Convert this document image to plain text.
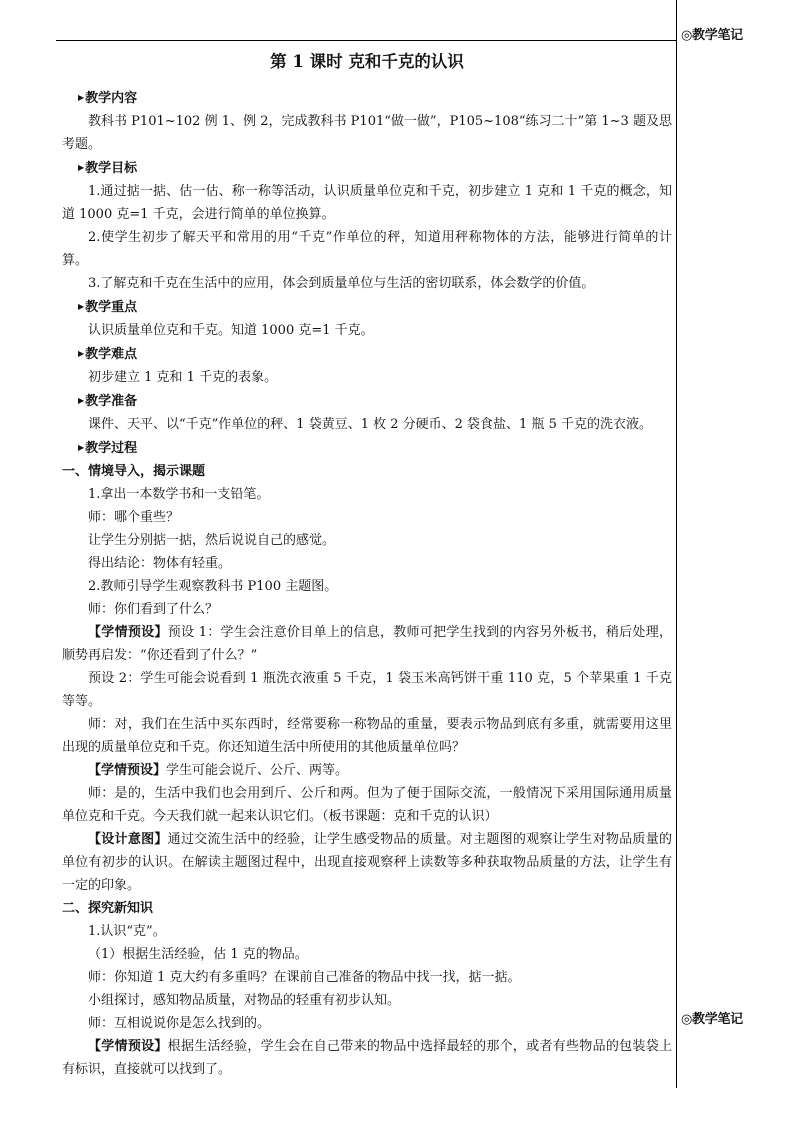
◎教学笔记
◎教学笔记
第 1 课时 克和千克的认识
▶教学内容

教科书 P101~102 例 1、例 2，完成教科书 P101“做一做”，P105~108“练习二十”第 1~3 题及思考题。

▶教学目标

1.通过掂一掂、估一估、称一称等活动，认识质量单位克和千克，初步建立 1 克和 1 千克的概念，知道 1000 克=1 千克，会进行简单的单位换算。

2.使学生初步了解天平和常用的用“千克”作单位的秤，知道用秤称物体的方法，能够进行简单的计算。

3.了解克和千克在生活中的应用，体会到质量单位与生活的密切联系，体会数学的价值。

▶教学重点

认识质量单位克和千克。知道 1000 克=1 千克。

▶教学难点

初步建立 1 克和 1 千克的表象。

▶教学准备

课件、天平、以“千克”作单位的秤、1 袋黄豆、1 枚 2 分硬币、2 袋食盐、1 瓶 5 千克的洗衣液。

▶教学过程
一、情境导入，揭示课题

1.拿出一本数学书和一支铅笔。

师：哪个重些？

让学生分别掂一掂，然后说说自己的感觉。

得出结论：物体有轻重。

2.教师引导学生观察教科书 P100 主题图。

师：你们看到了什么？

【学情预设】预设 1：学生会注意价目单上的信息，教师可把学生找到的内容另外板书，稍后处理，顺势再启发：“你还看到了什么？”

预设 2：学生可能会说看到 1 瓶洗衣液重 5 千克，1 袋玉米高钙饼干重 110 克，5 个苹果重 1 千克等等。

师：对，我们在生活中买东西时，经常要称一称物品的重量，要表示物品到底有多重，就需要用这里出现的质量单位克和千克。你还知道生活中所使用的其他质量单位吗？

【学情预设】学生可能会说斤、公斤、两等。

师：是的，生活中我们也会用到斤、公斤和两。但为了便于国际交流，一般情况下采用国际通用质量单位克和千克。今天我们就一起来认识它们。（板书课题：克和千克的认识）

【设计意图】通过交流生活中的经验，让学生感受物品的质量。对主题图的观察让学生对物品质量的单位有初步的认识。在解读主题图过程中，出现直接观察秤上读数等多种获取物品质量的方法，让学生有一定的印象。

二、探究新知识

1.认识“克”。

（1）根据生活经验，估 1 克的物品。

师：你知道 1 克大约有多重吗？在课前自己准备的物品中找一找，掂一掂。

小组探讨，感知物品质量，对物品的轻重有初步认知。

师：互相说说你是怎么找到的。

【学情预设】根据生活经验，学生会在自己带来的物品中选择最轻的那个，或者有些物品的包装袋上有标识，直接就可以找到了。
